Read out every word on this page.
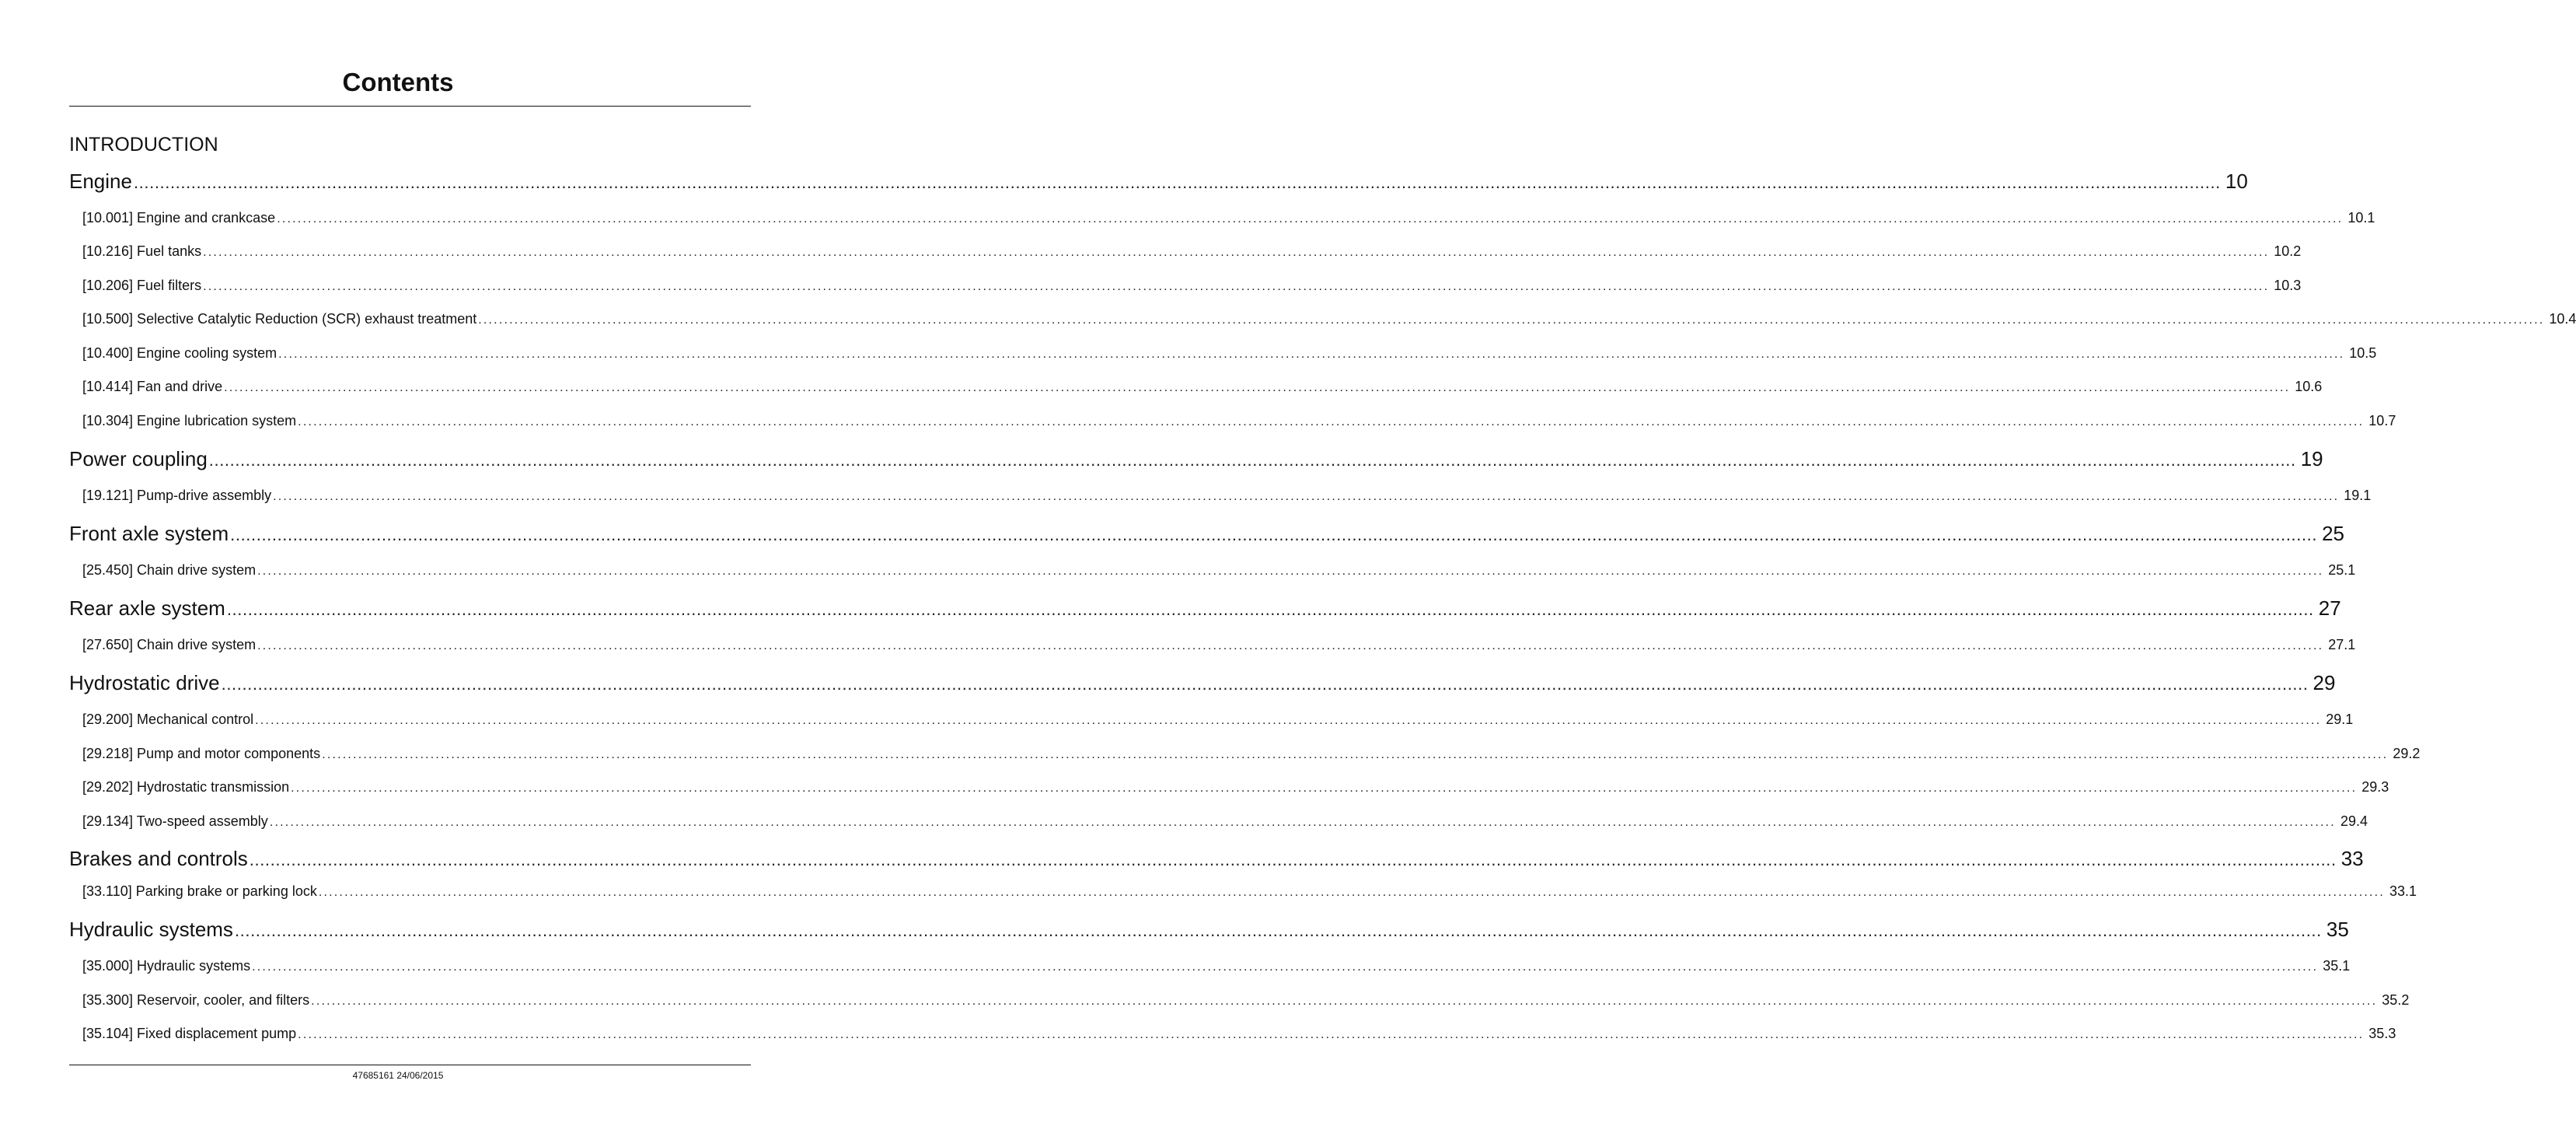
Contents
INTRODUCTION
Engine ................................................................................................................................................................................................................................................................................................................................................................................................................ 10
[10.001] Engine and crankcase ................................................................................................................................................................................................................................................................................................................................................................................................................ 10.1
[10.216] Fuel tanks ................................................................................................................................................................................................................................................................................................................................................................................................................ 10.2
[10.206] Fuel filters ................................................................................................................................................................................................................................................................................................................................................................................................................ 10.3
[10.500] Selective Catalytic Reduction (SCR) exhaust treatment ................................................................................................................................................................................................................................................................................................................................................................................................................ 10.4
[10.400] Engine cooling system ................................................................................................................................................................................................................................................................................................................................................................................................................ 10.5
[10.414] Fan and drive ................................................................................................................................................................................................................................................................................................................................................................................................................ 10.6
[10.304] Engine lubrication system ................................................................................................................................................................................................................................................................................................................................................................................................................ 10.7
Power coupling ................................................................................................................................................................................................................................................................................................................................................................................................................ 19
[19.121] Pump-drive assembly ................................................................................................................................................................................................................................................................................................................................................................................................................ 19.1
Front axle system ................................................................................................................................................................................................................................................................................................................................................................................................................ 25
[25.450] Chain drive system ................................................................................................................................................................................................................................................................................................................................................................................................................ 25.1
Rear axle system ................................................................................................................................................................................................................................................................................................................................................................................................................ 27
[27.650] Chain drive system ................................................................................................................................................................................................................................................................................................................................................................................................................ 27.1
Hydrostatic drive ................................................................................................................................................................................................................................................................................................................................................................................................................ 29
[29.200] Mechanical control ................................................................................................................................................................................................................................................................................................................................................................................................................ 29.1
[29.218] Pump and motor components ................................................................................................................................................................................................................................................................................................................................................................................................................ 29.2
[29.202] Hydrostatic transmission ................................................................................................................................................................................................................................................................................................................................................................................................................ 29.3
[29.134] Two-speed assembly ................................................................................................................................................................................................................................................................................................................................................................................................................ 29.4
Brakes and controls ................................................................................................................................................................................................................................................................................................................................................................................................................ 33
[33.110] Parking brake or parking lock ................................................................................................................................................................................................................................................................................................................................................................................................................ 33.1
Hydraulic systems ................................................................................................................................................................................................................................................................................................................................................................................................................ 35
[35.000] Hydraulic systems ................................................................................................................................................................................................................................................................................................................................................................................................................ 35.1
[35.300] Reservoir, cooler, and filters ................................................................................................................................................................................................................................................................................................................................................................................................................ 35.2
[35.104] Fixed displacement pump ................................................................................................................................................................................................................................................................................................................................................................................................................ 35.3
47685161 24/06/2015
